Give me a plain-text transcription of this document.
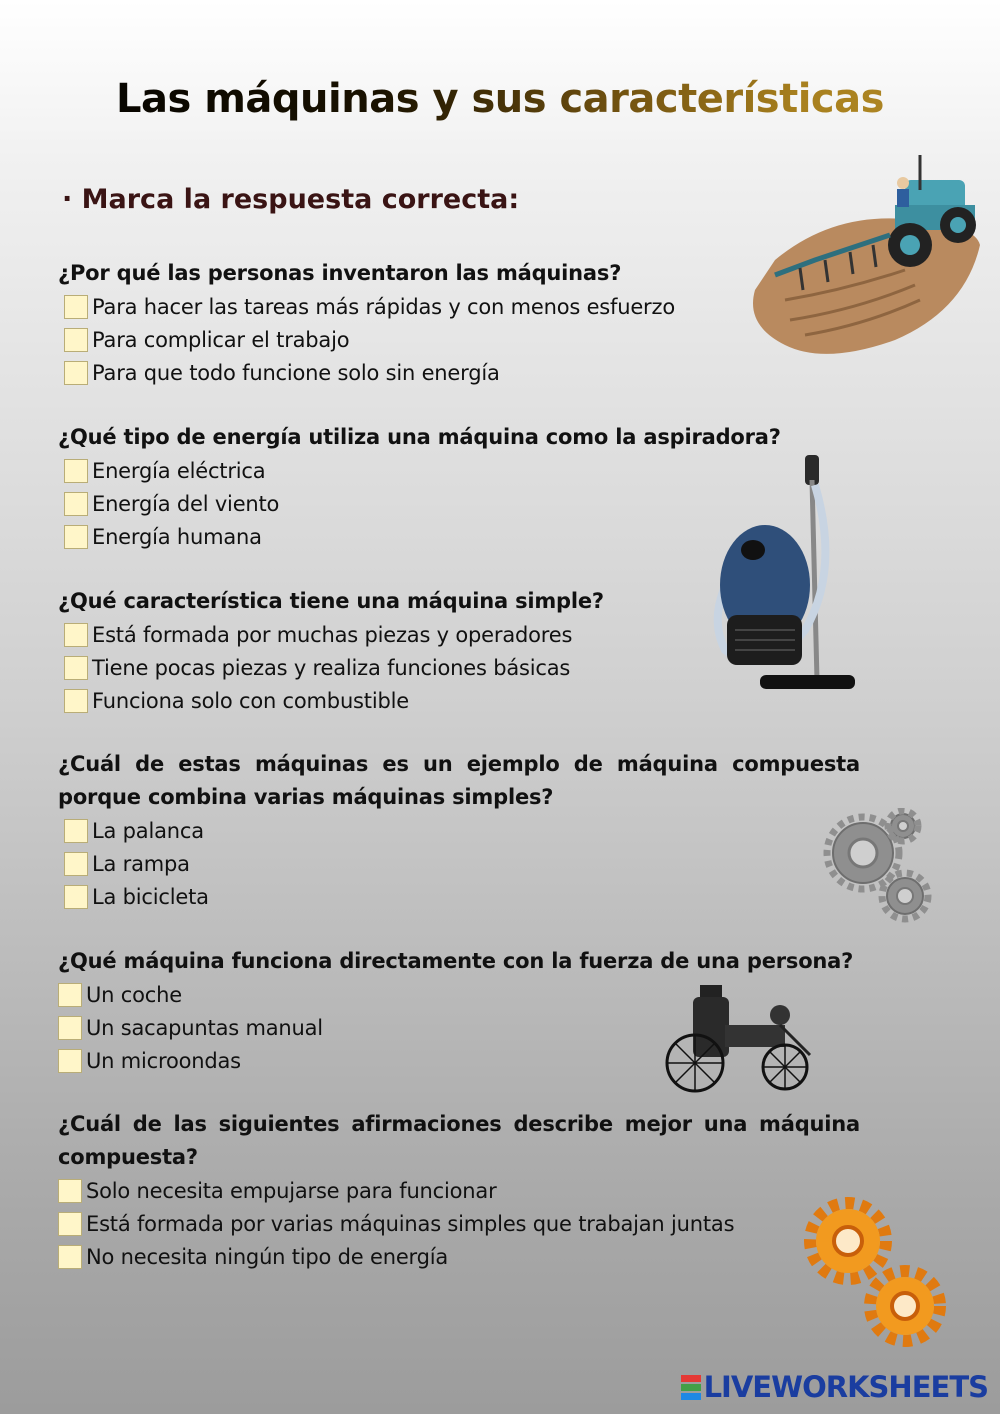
Las máquinas y sus características
· Marca la respuesta correcta:
¿Por qué las personas inventaron las máquinas?
Para hacer las tareas más rápidas y con menos esfuerzo
Para complicar el trabajo
Para que todo funcione solo sin energía
¿Qué tipo de energía utiliza una máquina como la aspiradora?
Energía eléctrica
Energía del viento
Energía humana
¿Qué característica tiene una máquina simple?
Está formada por muchas piezas y operadores
Tiene pocas piezas y realiza funciones básicas
Funciona solo con combustible
¿Cuál de estas máquinas es un ejemplo de máquina compuesta porque combina varias máquinas simples?
La palanca
La rampa
La bicicleta
¿Qué máquina funciona directamente con la fuerza de una persona?
Un coche
Un sacapuntas manual
Un microondas
¿Cuál de las siguientes afirmaciones describe mejor una máquina compuesta?
Solo necesita empujarse para funcionar
Está formada por varias máquinas simples que trabajan juntas
No necesita ningún tipo de energía
LIVEWORKSHEETS
